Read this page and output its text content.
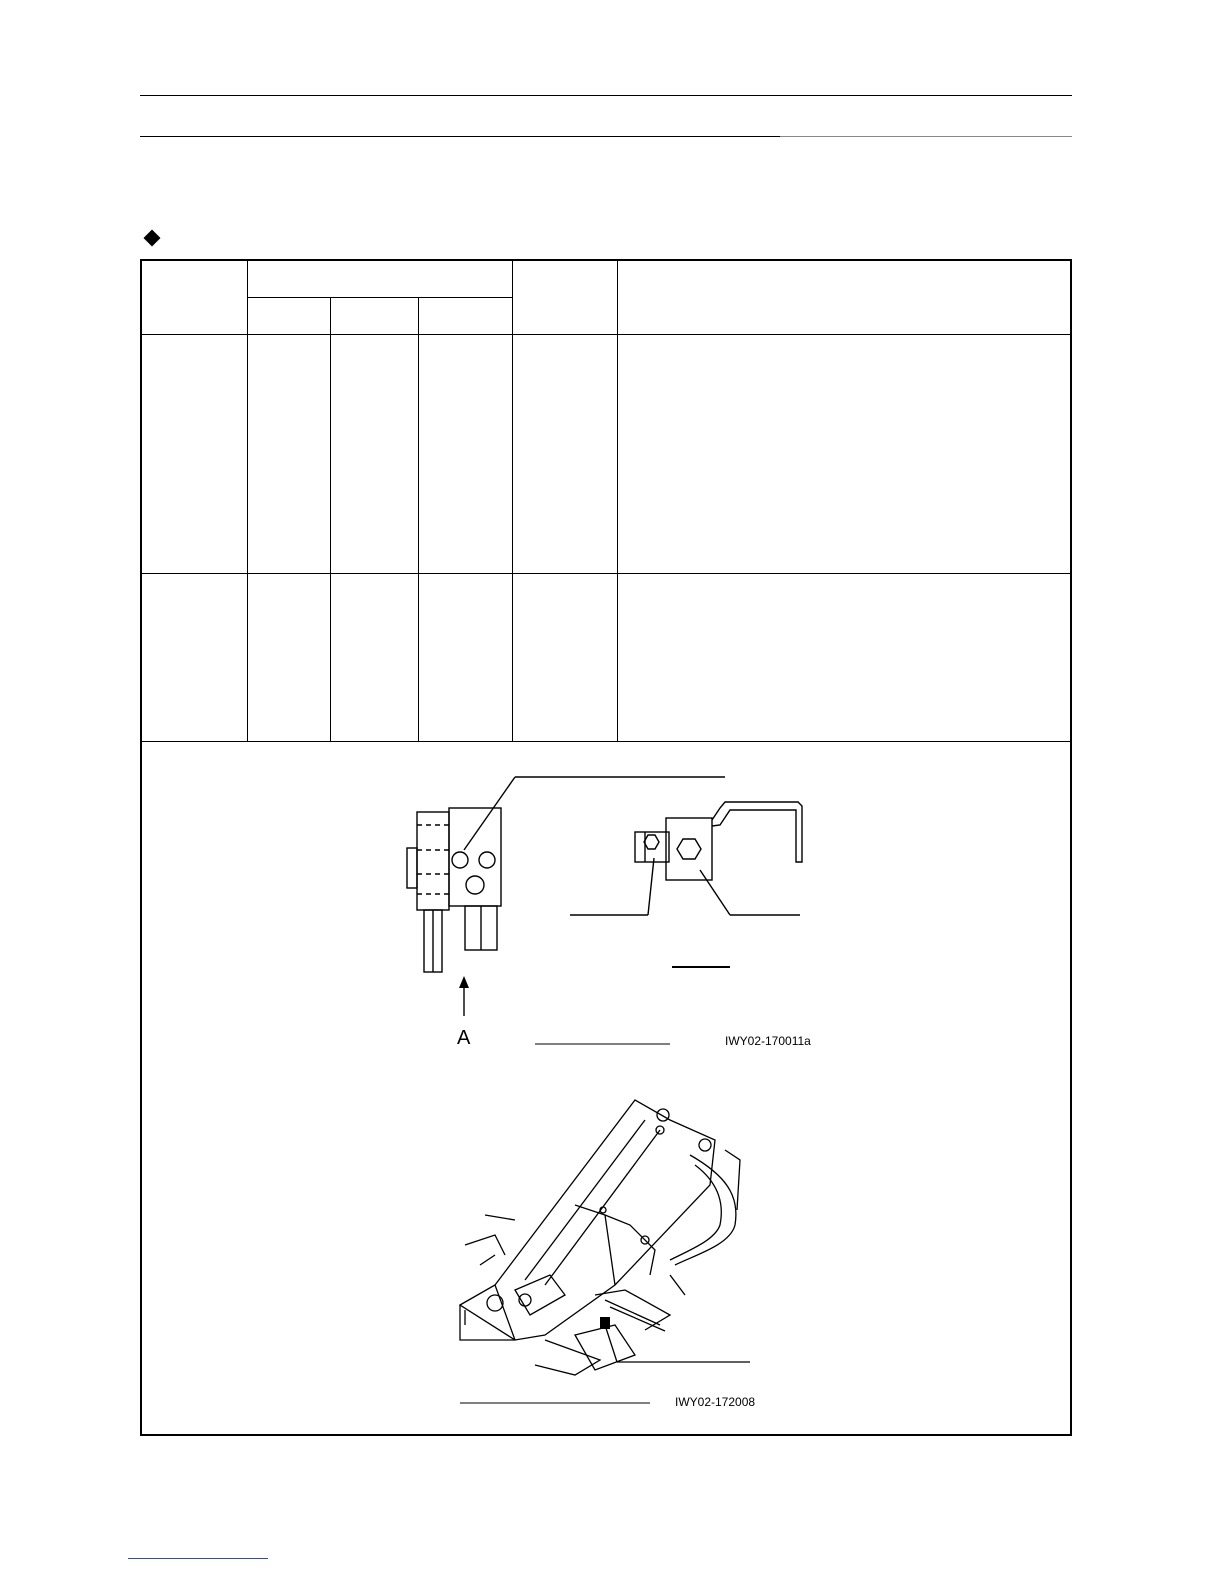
A	IWY02-170011a
IWY02-172008
